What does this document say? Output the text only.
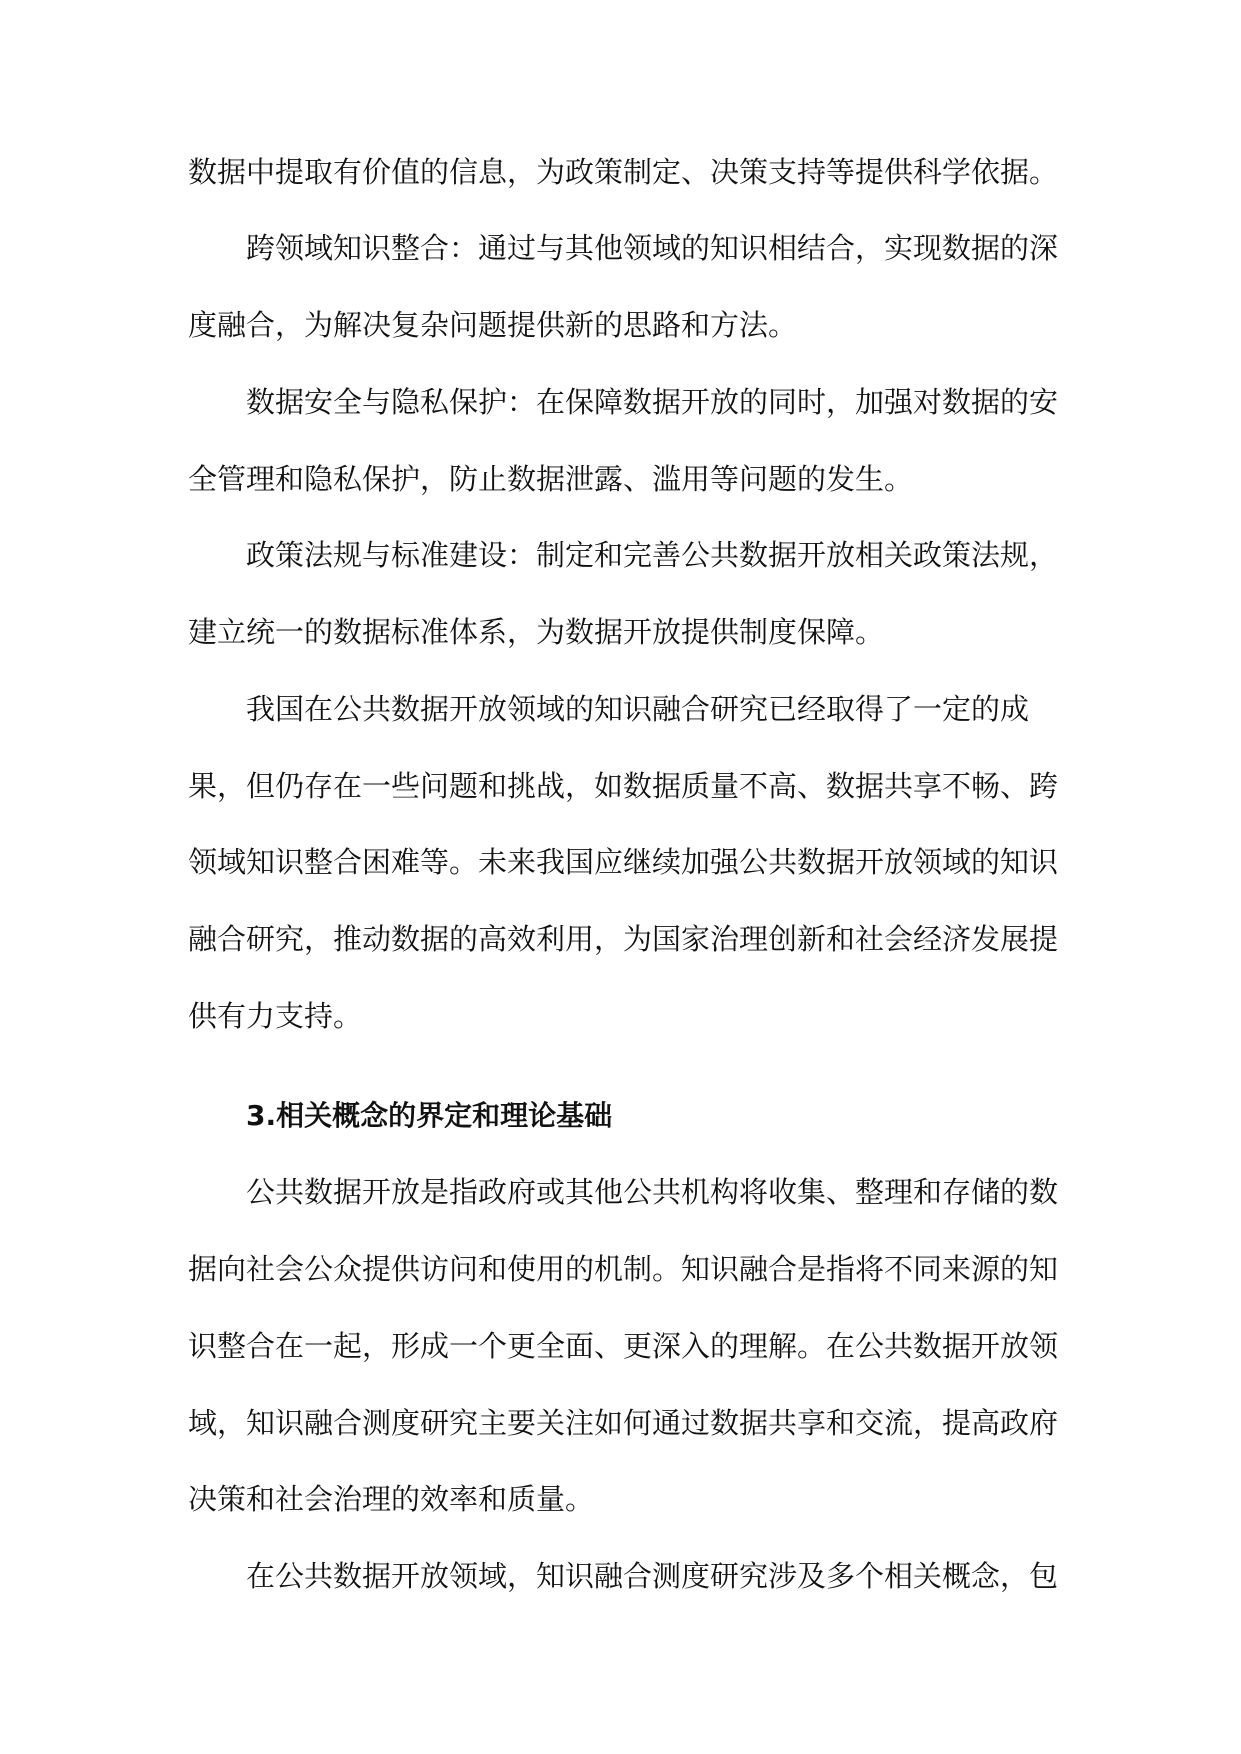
数据中提取有价值的信息，为政策制定、决策支持等提供科学依据。
跨领域知识整合：通过与其他领域的知识相结合，实现数据的深
度融合，为解决复杂问题提供新的思路和方法。
数据安全与隐私保护：在保障数据开放的同时，加强对数据的安
全管理和隐私保护，防止数据泄露、滥用等问题的发生。
政策法规与标准建设：制定和完善公共数据开放相关政策法规，
建立统一的数据标准体系，为数据开放提供制度保障。
我国在公共数据开放领域的知识融合研究已经取得了一定的成
果，但仍存在一些问题和挑战，如数据质量不高、数据共享不畅、跨
领域知识整合困难等。未来我国应继续加强公共数据开放领域的知识
融合研究，推动数据的高效利用，为国家治理创新和社会经济发展提
供有力支持。
3.相关概念的界定和理论基础
公共数据开放是指政府或其他公共机构将收集、整理和存储的数
据向社会公众提供访问和使用的机制。知识融合是指将不同来源的知
识整合在一起，形成一个更全面、更深入的理解。在公共数据开放领
域，知识融合测度研究主要关注如何通过数据共享和交流，提高政府
决策和社会治理的效率和质量。
在公共数据开放领域，知识融合测度研究涉及多个相关概念，包
